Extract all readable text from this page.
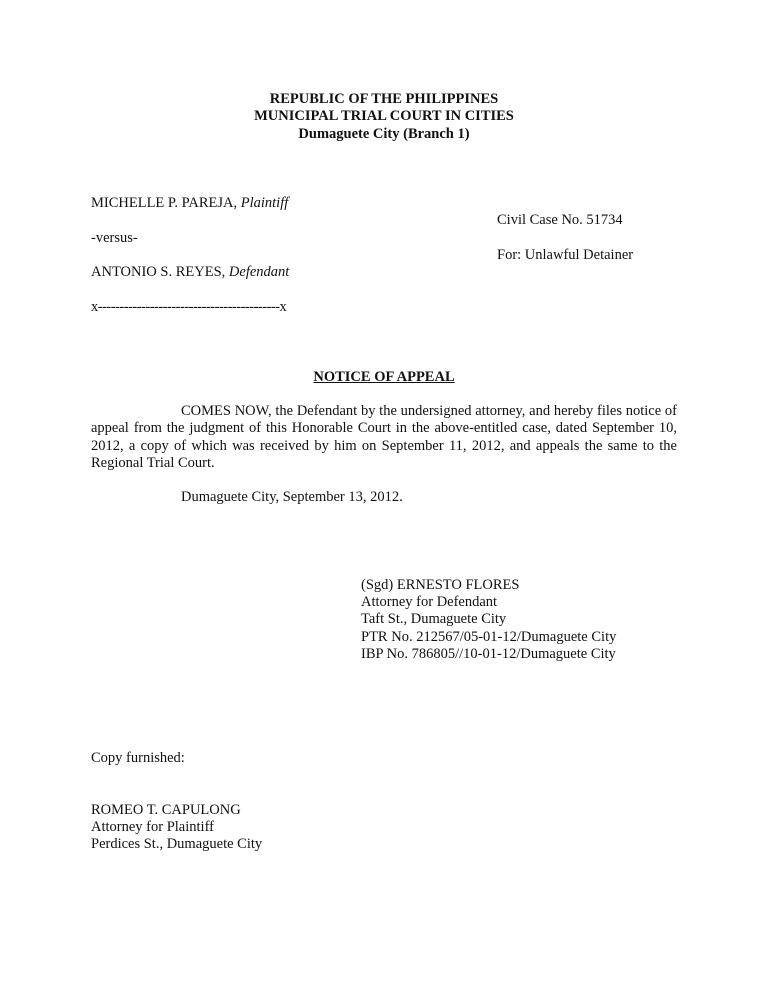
REPUBLIC OF THE PHILIPPINES
MUNICIPAL TRIAL COURT IN CITIES
Dumaguete City (Branch 1)
MICHELLE P. PAREJA, Plaintiff
Civil Case No. 51734
-versus-
For: Unlawful Detainer
ANTONIO S. REYES, Defendant
x------------------------------------------x
NOTICE OF APPEAL
COMES NOW, the Defendant by the undersigned attorney, and hereby files notice of appeal from the judgment of this Honorable Court in the above-entitled case, dated September 10, 2012, a copy of which was received by him on September 11, 2012, and appeals the same to the Regional Trial Court.
Dumaguete City, September 13, 2012.
(Sgd) ERNESTO FLORES
Attorney for Defendant
Taft St., Dumaguete City
PTR No. 212567/05-01-12/Dumaguete City
IBP No. 786805//10-01-12/Dumaguete City
Copy furnished:
ROMEO T. CAPULONG
Attorney for Plaintiff
Perdices St., Dumaguete City
